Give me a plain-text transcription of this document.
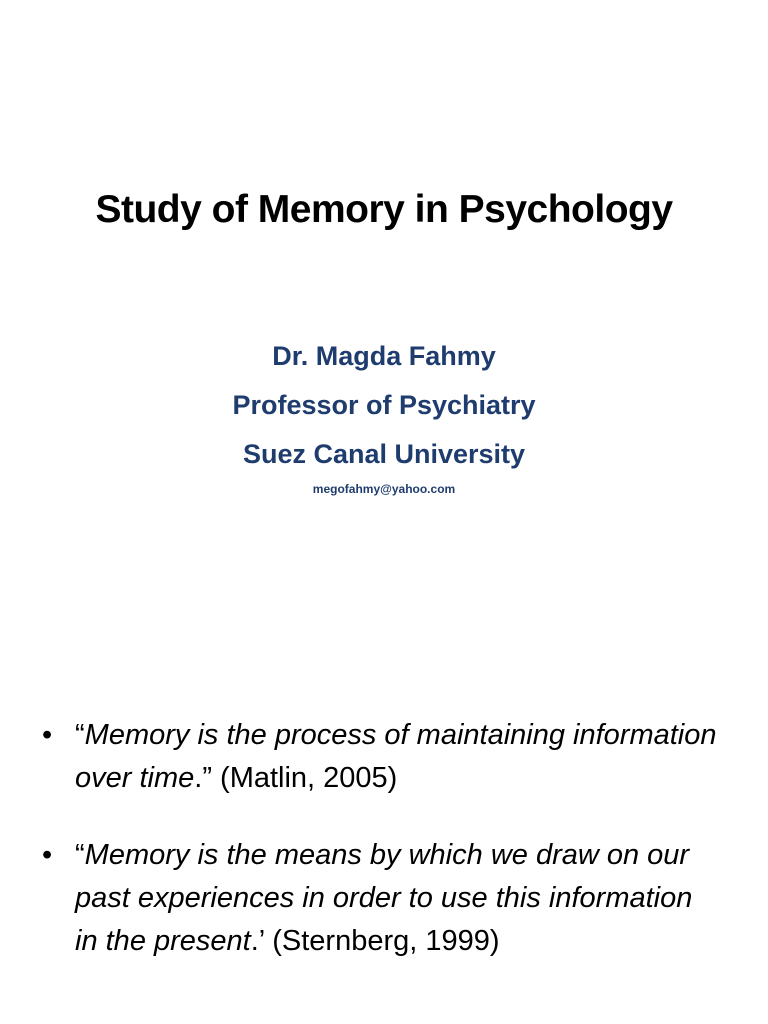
Study of Memory in Psychology
Dr. Magda Fahmy
Professor of Psychiatry
Suez Canal University
megofahmy@yahoo.com
• “Memory is the process of maintaining information over time.” (Matlin, 2005)
• “Memory is the means by which we draw on our past experiences in order to use this information in the present.’ (Sternberg, 1999)
